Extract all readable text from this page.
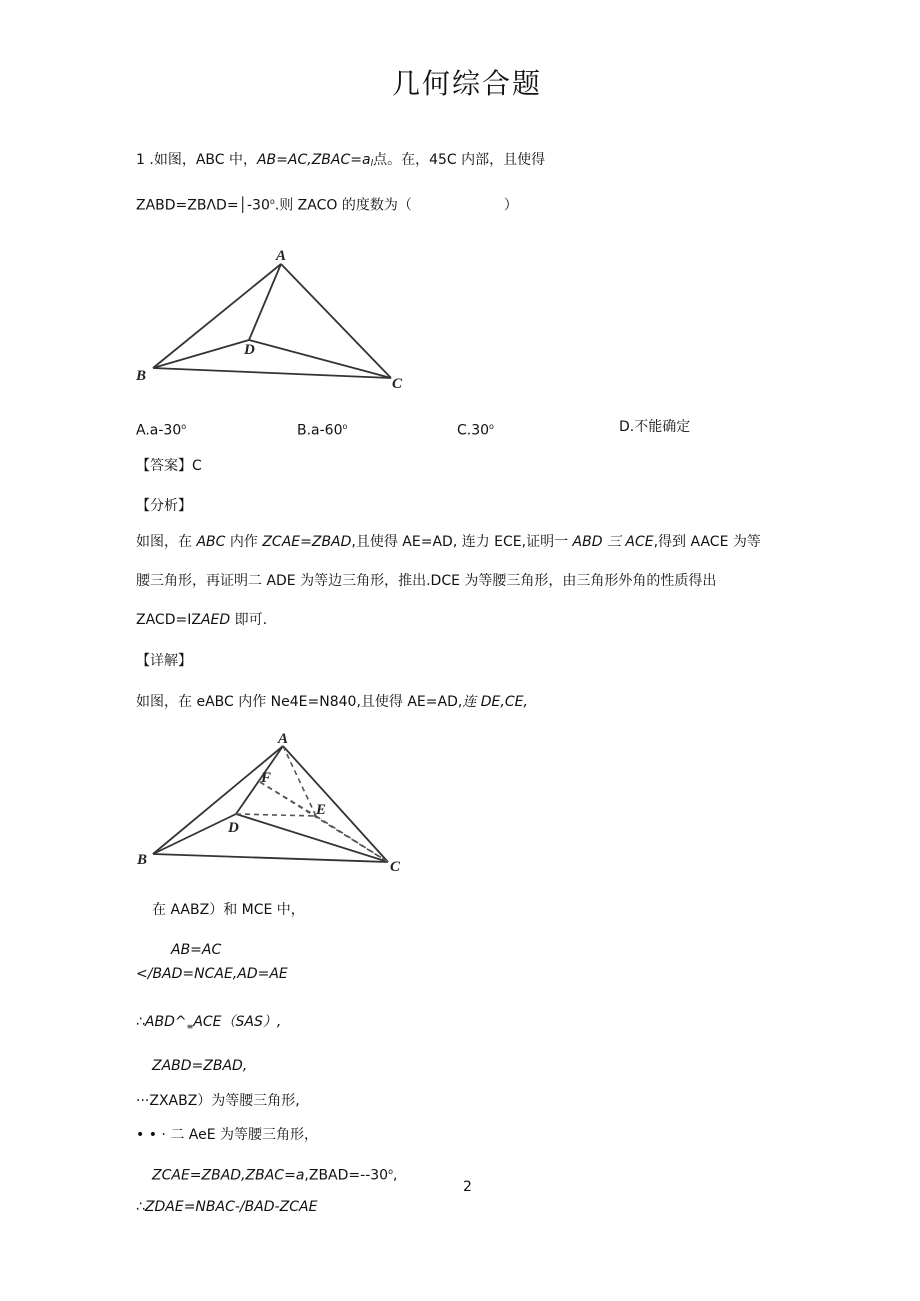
几何综合题
1 .如图，ABC 中，AB=AC,ZBAC=al点。在，45C 内部，且使得
$ZABD=ZB\Lambda D=│-30^o$.则 ZACO 的度数为（	）
A
D
B	C
A.a-30$^o$	B.a-60$^o$	C.30$^o$	D.不能确定
【答案】C
【分析】
如图，在 ABC 内作 ZCAE=ZBAD,且使得 AE=AD, 连力 ECE,证明一 ABD 三 ACE,得到 AACE 为等
腰三角形，再证明二 ADE 为等边三角形，推出.DCE 为等腰三角形，由三角形外角的性质得出
ZACD=IZAED 即可.
【详解】
如图，在 eABC 内作 Ne4E=N840,且使得 AE=AD,连 DE,CE,
A
F
E
D
B	C
在 AABZ）和 MCE 中，
AB=AC
</BAD=NCAE,AD=AE
$\therefore ABD\^{}_\equiv ACE(SAS)$,
ZABD=ZBAD,
···ZXABZ）为等腰三角形,
• • · 二 AeE 为等腰三角形，
$ZCAE=ZBAD,ZBAC=a,ZBAD=--30^o$,
∴ZDAE=NBAC-/BAD-ZCAE
2
